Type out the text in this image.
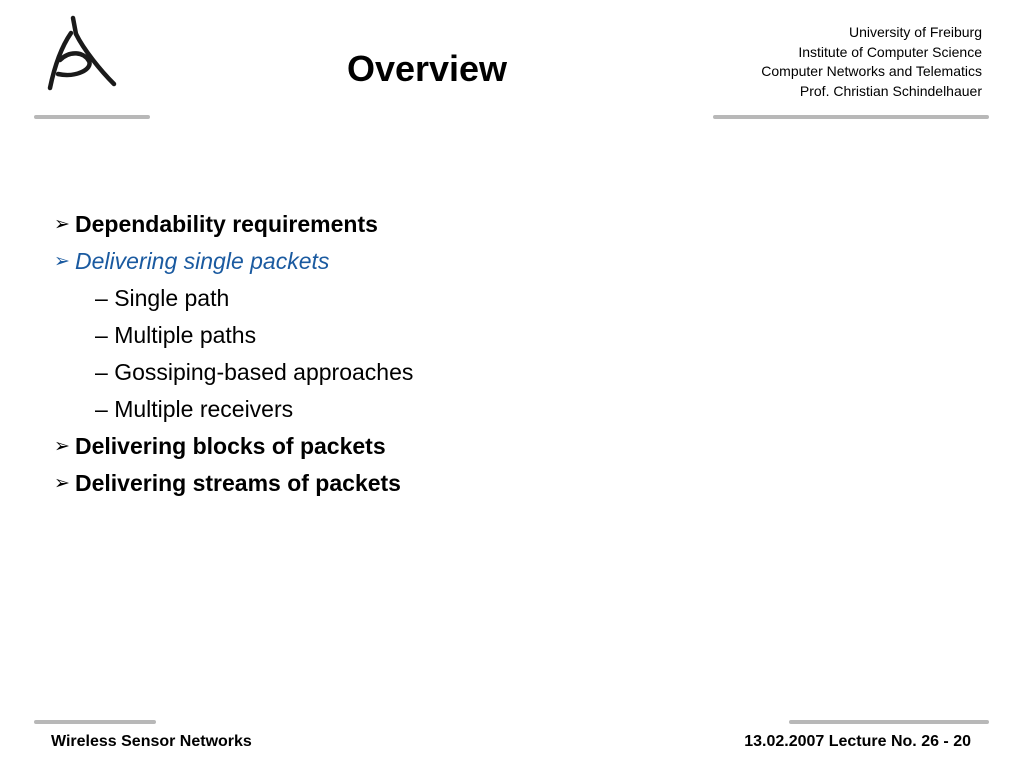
Overview
University of Freiburg
Institute of Computer Science
Computer Networks and Telematics
Prof. Christian Schindelhauer
➢ Dependability requirements
➢ Delivering single packets
– Single path
– Multiple paths
– Gossiping-based approaches
– Multiple receivers
➢ Delivering blocks of packets
➢ Delivering streams of packets
Wireless Sensor Networks	13.02.2007 Lecture No. 26 - 20
